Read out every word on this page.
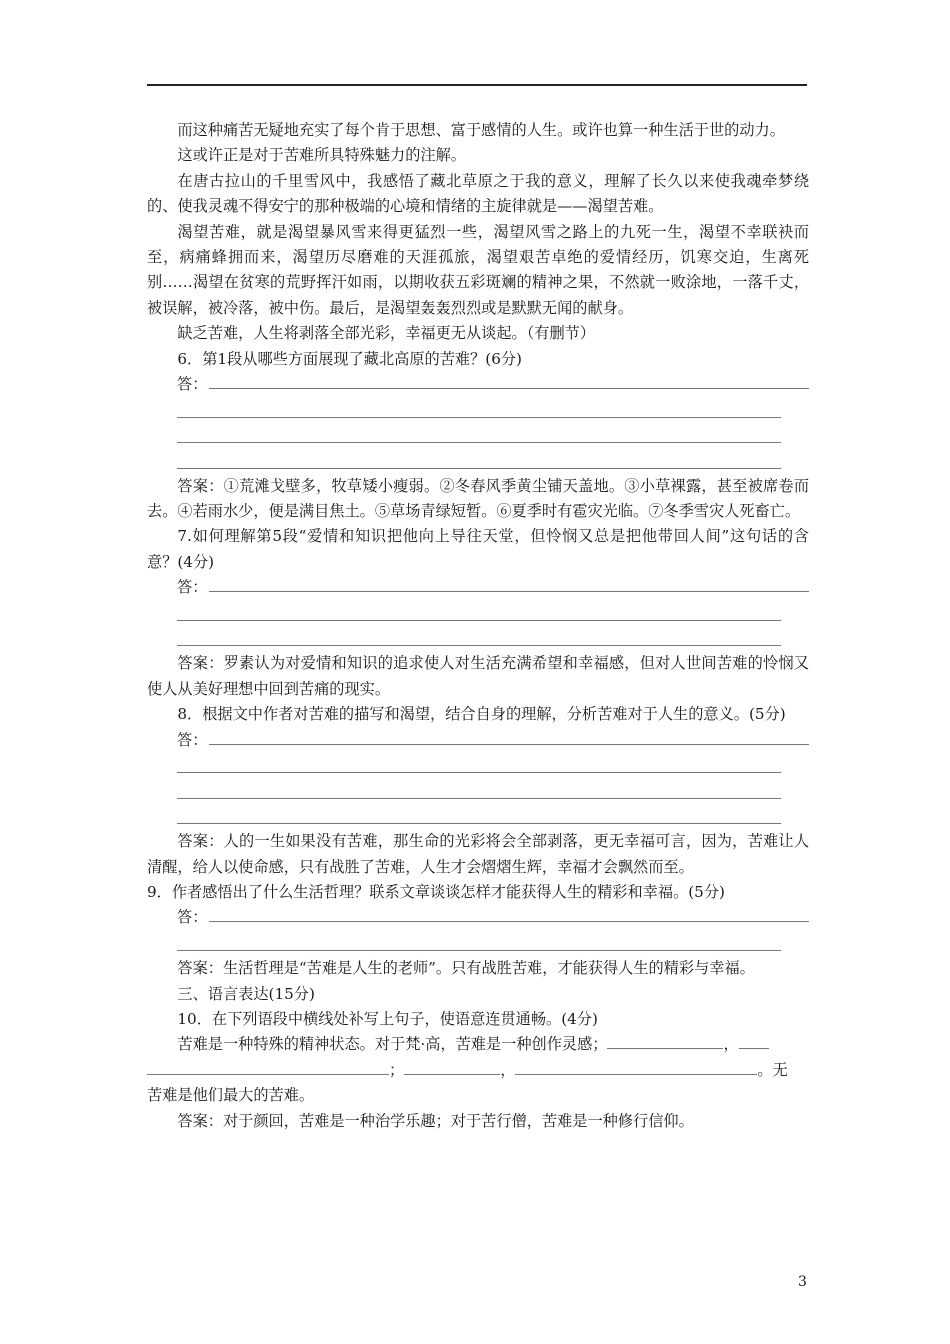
而这种痛苦无疑地充实了每个肯于思想、富于感情的人生。或许也算一种生活于世的动力。

这或许正是对于苦难所具特殊魅力的注解。

在唐古拉山的千里雪风中，我感悟了藏北草原之于我的意义，理解了长久以来使我魂牵梦绕的、使我灵魂不得安宁的那种极端的心境和情绪的主旋律就是——渴望苦难。

渴望苦难，就是渴望暴风雪来得更猛烈一些，渴望风雪之路上的九死一生，渴望不幸联袂而至，病痛蜂拥而来，渴望历尽磨难的天涯孤旅，渴望艰苦卓绝的爱情经历，饥寒交迫，生离死别……渴望在贫寒的荒野挥汗如雨，以期收获五彩斑斓的精神之果，不然就一败涂地，一落千丈，被误解，被冷落，被中伤。最后，是渴望轰轰烈烈或是默默无闻的献身。

缺乏苦难，人生将剥落全部光彩，幸福更无从谈起。（有删节）

6．第1段从哪些方面展现了藏北高原的苦难？(6分)

答：

答案：①荒滩戈壁多，牧草矮小瘦弱。②冬春风季黄尘铺天盖地。③小草裸露，甚至被席卷而去。④若雨水少，便是满目焦土。⑤草场青绿短暂。⑥夏季时有雹灾光临。⑦冬季雪灾人死畜亡。

7.如何理解第5段“爱情和知识把他向上导往天堂，但怜悯又总是把他带回人间”这句话的含意？(4分)

答：

答案：罗素认为对爱情和知识的追求使人对生活充满希望和幸福感，但对人世间苦难的怜悯又使人从美好理想中回到苦痛的现实。

8．根据文中作者对苦难的描写和渴望，结合自身的理解，分析苦难对于人生的意义。(5分)

答：

答案：人的一生如果没有苦难，那生命的光彩将会全部剥落，更无幸福可言，因为，苦难让人清醒，给人以使命感，只有战胜了苦难，人生才会熠熠生辉，幸福才会飘然而至。

9．作者感悟出了什么生活哲理？联系文章谈谈怎样才能获得人生的精彩和幸福。(5分)

答：

答案：生活哲理是“苦难是人生的老师”。只有战胜苦难，才能获得人生的精彩与幸福。

三、语言表达(15分)

10．在下列语段中横线处补写上句子，使语意连贯通畅。(4分)

苦难是一种特殊的精神状态。对于梵·高，苦难是一种创作灵感；	，

；	，	。无

苦难是他们最大的苦难。

答案：对于颜回，苦难是一种治学乐趣；对于苦行僧，苦难是一种修行信仰。

3
